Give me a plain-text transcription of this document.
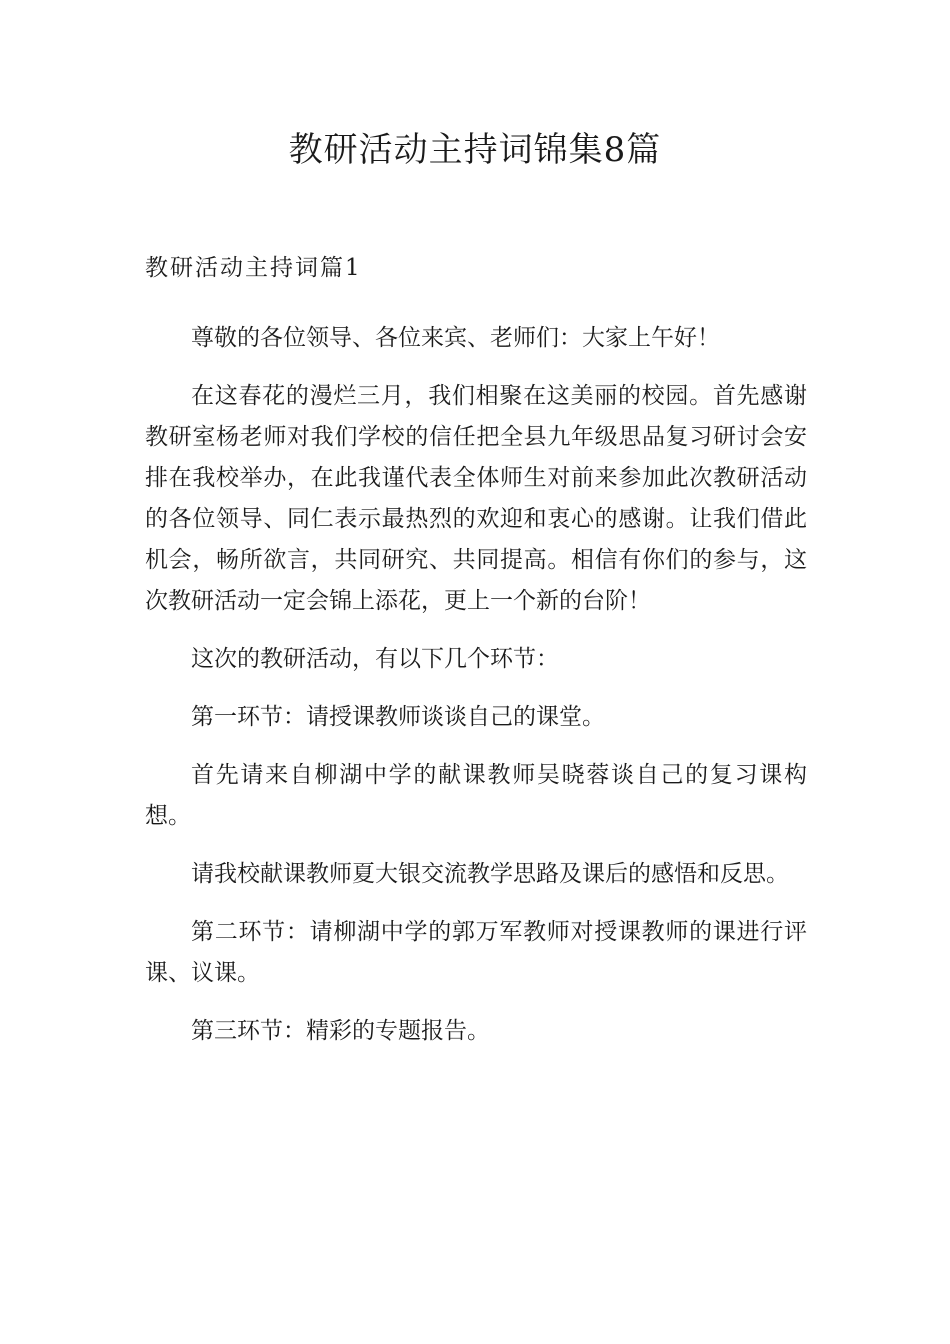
教研活动主持词锦集8篇
教研活动主持词篇1

尊敬的各位领导、各位来宾、老师们：大家上午好！

在这春花的漫烂三月，我们相聚在这美丽的校园。首先感谢教研室杨老师对我们学校的信任把全县九年级思品复习研讨会安排在我校举办，在此我谨代表全体师生对前来参加此次教研活动的各位领导、同仁表示最热烈的欢迎和衷心的感谢。让我们借此机会，畅所欲言，共同研究、共同提高。相信有你们的参与，这次教研活动一定会锦上添花，更上一个新的台阶！

这次的教研活动，有以下几个环节：

第一环节：请授课教师谈谈自己的课堂。

首先请来自柳湖中学的献课教师吴晓蓉谈自己的复习课构想。

请我校献课教师夏大银交流教学思路及课后的感悟和反思。

第二环节：请柳湖中学的郭万军教师对授课教师的课进行评课、议课。

第三环节：精彩的专题报告。
